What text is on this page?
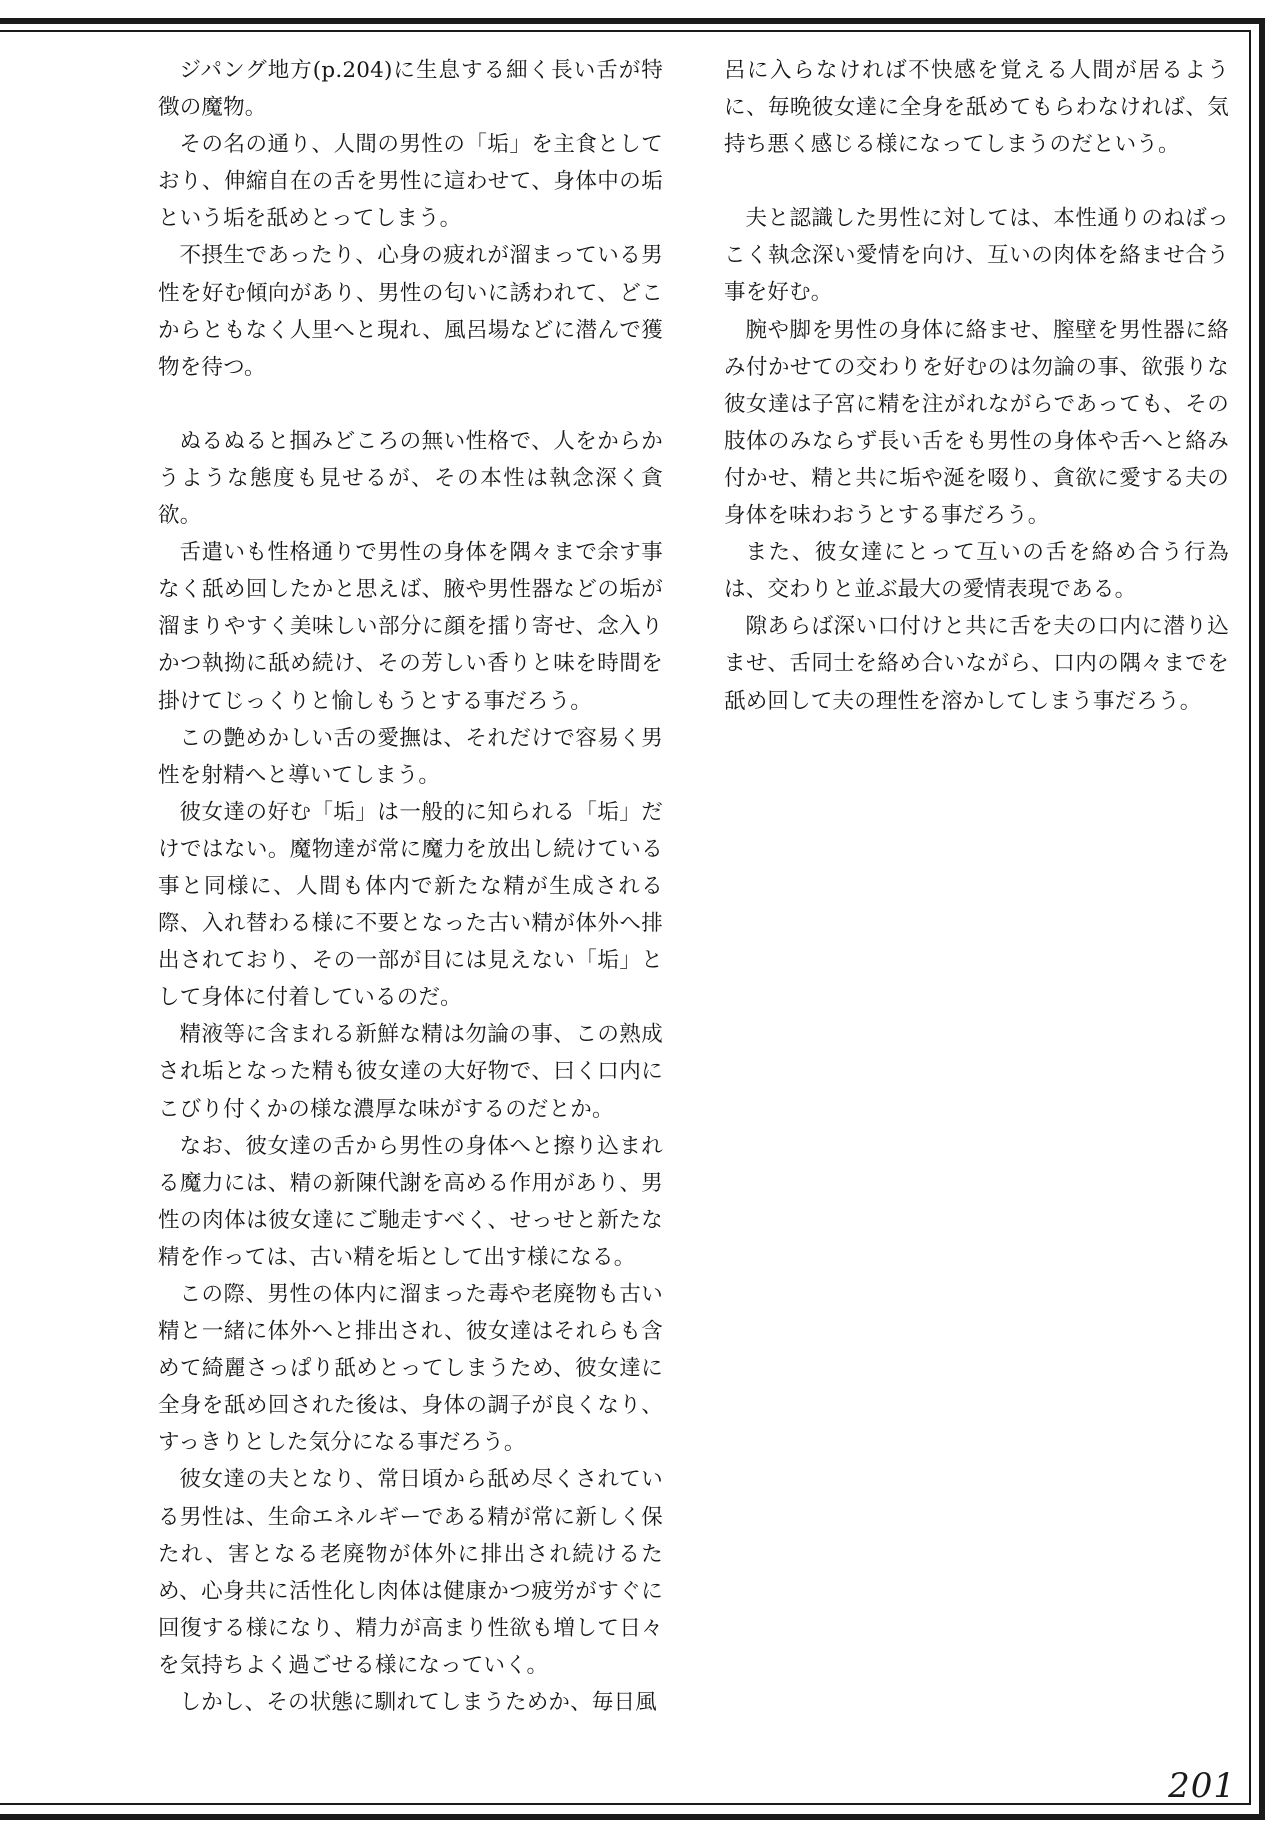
ジパング地方(p.204)に生息する細く長い舌が特徴の魔物。

その名の通り、人間の男性の「垢」を主食としており、伸縮自在の舌を男性に這わせて、身体中の垢という垢を舐めとってしまう。

不摂生であったり、心身の疲れが溜まっている男性を好む傾向があり、男性の匂いに誘われて、どこからともなく人里へと現れ、風呂場などに潜んで獲物を待つ。

ぬるぬると掴みどころの無い性格で、人をからかうような態度も見せるが、その本性は執念深く貪欲。

舌遣いも性格通りで男性の身体を隅々まで余す事なく舐め回したかと思えば、腋や男性器などの垢が溜まりやすく美味しい部分に顔を擂り寄せ、念入りかつ執拗に舐め続け、その芳しい香りと味を時間を掛けてじっくりと愉しもうとする事だろう。

この艶めかしい舌の愛撫は、それだけで容易く男性を射精へと導いてしまう。

彼女達の好む「垢」は一般的に知られる「垢」だけではない。魔物達が常に魔力を放出し続けている事と同様に、人間も体内で新たな精が生成される際、入れ替わる様に不要となった古い精が体外へ排出されており、その一部が目には見えない「垢」として身体に付着しているのだ。

精液等に含まれる新鮮な精は勿論の事、この熟成され垢となった精も彼女達の大好物で、曰く口内にこびり付くかの様な濃厚な味がするのだとか。

なお、彼女達の舌から男性の身体へと擦り込まれる魔力には、精の新陳代謝を高める作用があり、男性の肉体は彼女達にご馳走すべく、せっせと新たな精を作っては、古い精を垢として出す様になる。

この際、男性の体内に溜まった毒や老廃物も古い精と一緒に体外へと排出され、彼女達はそれらも含めて綺麗さっぱり舐めとってしまうため、彼女達に全身を舐め回された後は、身体の調子が良くなり、すっきりとした気分になる事だろう。

彼女達の夫となり、常日頃から舐め尽くされている男性は、生命エネルギーである精が常に新しく保たれ、害となる老廃物が体外に排出され続けるため、心身共に活性化し肉体は健康かつ疲労がすぐに回復する様になり、精力が高まり性欲も増して日々を気持ちよく過ごせる様になっていく。

しかし、その状態に馴れてしまうためか、毎日風

呂に入らなければ不快感を覚える人間が居るように、毎晩彼女達に全身を舐めてもらわなければ、気持ち悪く感じる様になってしまうのだという。

夫と認識した男性に対しては、本性通りのねばっこく執念深い愛情を向け、互いの肉体を絡ませ合う事を好む。

腕や脚を男性の身体に絡ませ、膣壁を男性器に絡み付かせての交わりを好むのは勿論の事、欲張りな彼女達は子宮に精を注がれながらであっても、その肢体のみならず長い舌をも男性の身体や舌へと絡み付かせ、精と共に垢や涎を啜り、貪欲に愛する夫の身体を味わおうとする事だろう。

また、彼女達にとって互いの舌を絡め合う行為は、交わりと並ぶ最大の愛情表現である。

隙あらば深い口付けと共に舌を夫の口内に潜り込ませ、舌同士を絡め合いながら、口内の隅々までを舐め回して夫の理性を溶かしてしまう事だろう。

201
